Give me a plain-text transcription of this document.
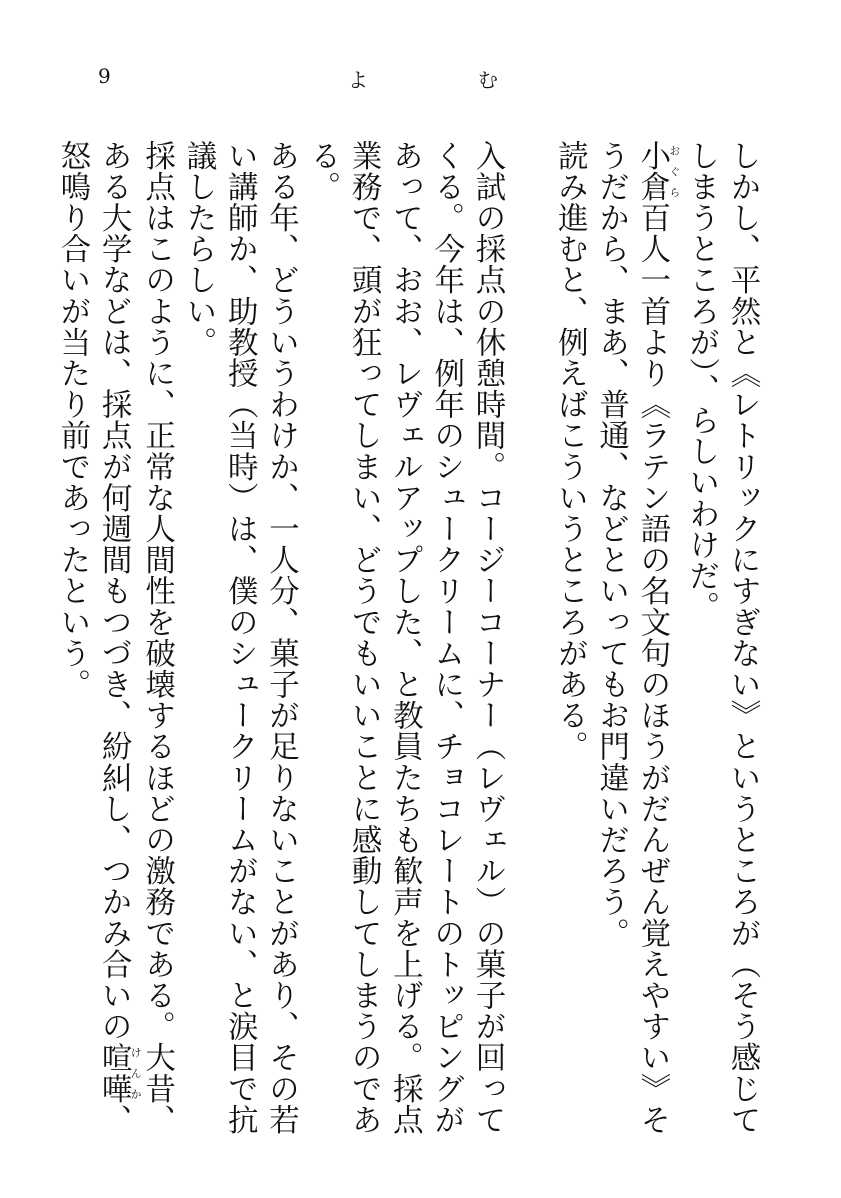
9	よ	む

しかし、平然と《レトリックにすぎない》というところが（そう感じてしまうところが）、らしいわけだ。

小倉おぐら百人一首より《ラテン語の名文句のほうがだんぜん覚えやすい》そうだから、まあ、普通、などといってもお門違いだろう。

読み進むと、例えばこういうところがある。

入試の採点の休憩時間。コージーコーナー（レヴェル）の菓子が回ってくる。今年は、例年のシュークリームに、チョコレートのトッピングがあって、おお、レヴェルアップした、と教員たちも歓声を上げる。採点業務で、頭が狂ってしまい、どうでもいいことに感動してしまうのである。

ある年、どういうわけか、一人分、菓子が足りないことがあり、その若い講師か、助教授（当時）は、僕のシュークリームがない、と涙目で抗議したらしい。

採点はこのように、正常な人間性を破壊するほどの激務である。大昔、ある大学などは、採点が何週間もつづき、紛糾し、つかみ合いの喧嘩けんか、怒鳴り合いが当たり前であったという。
